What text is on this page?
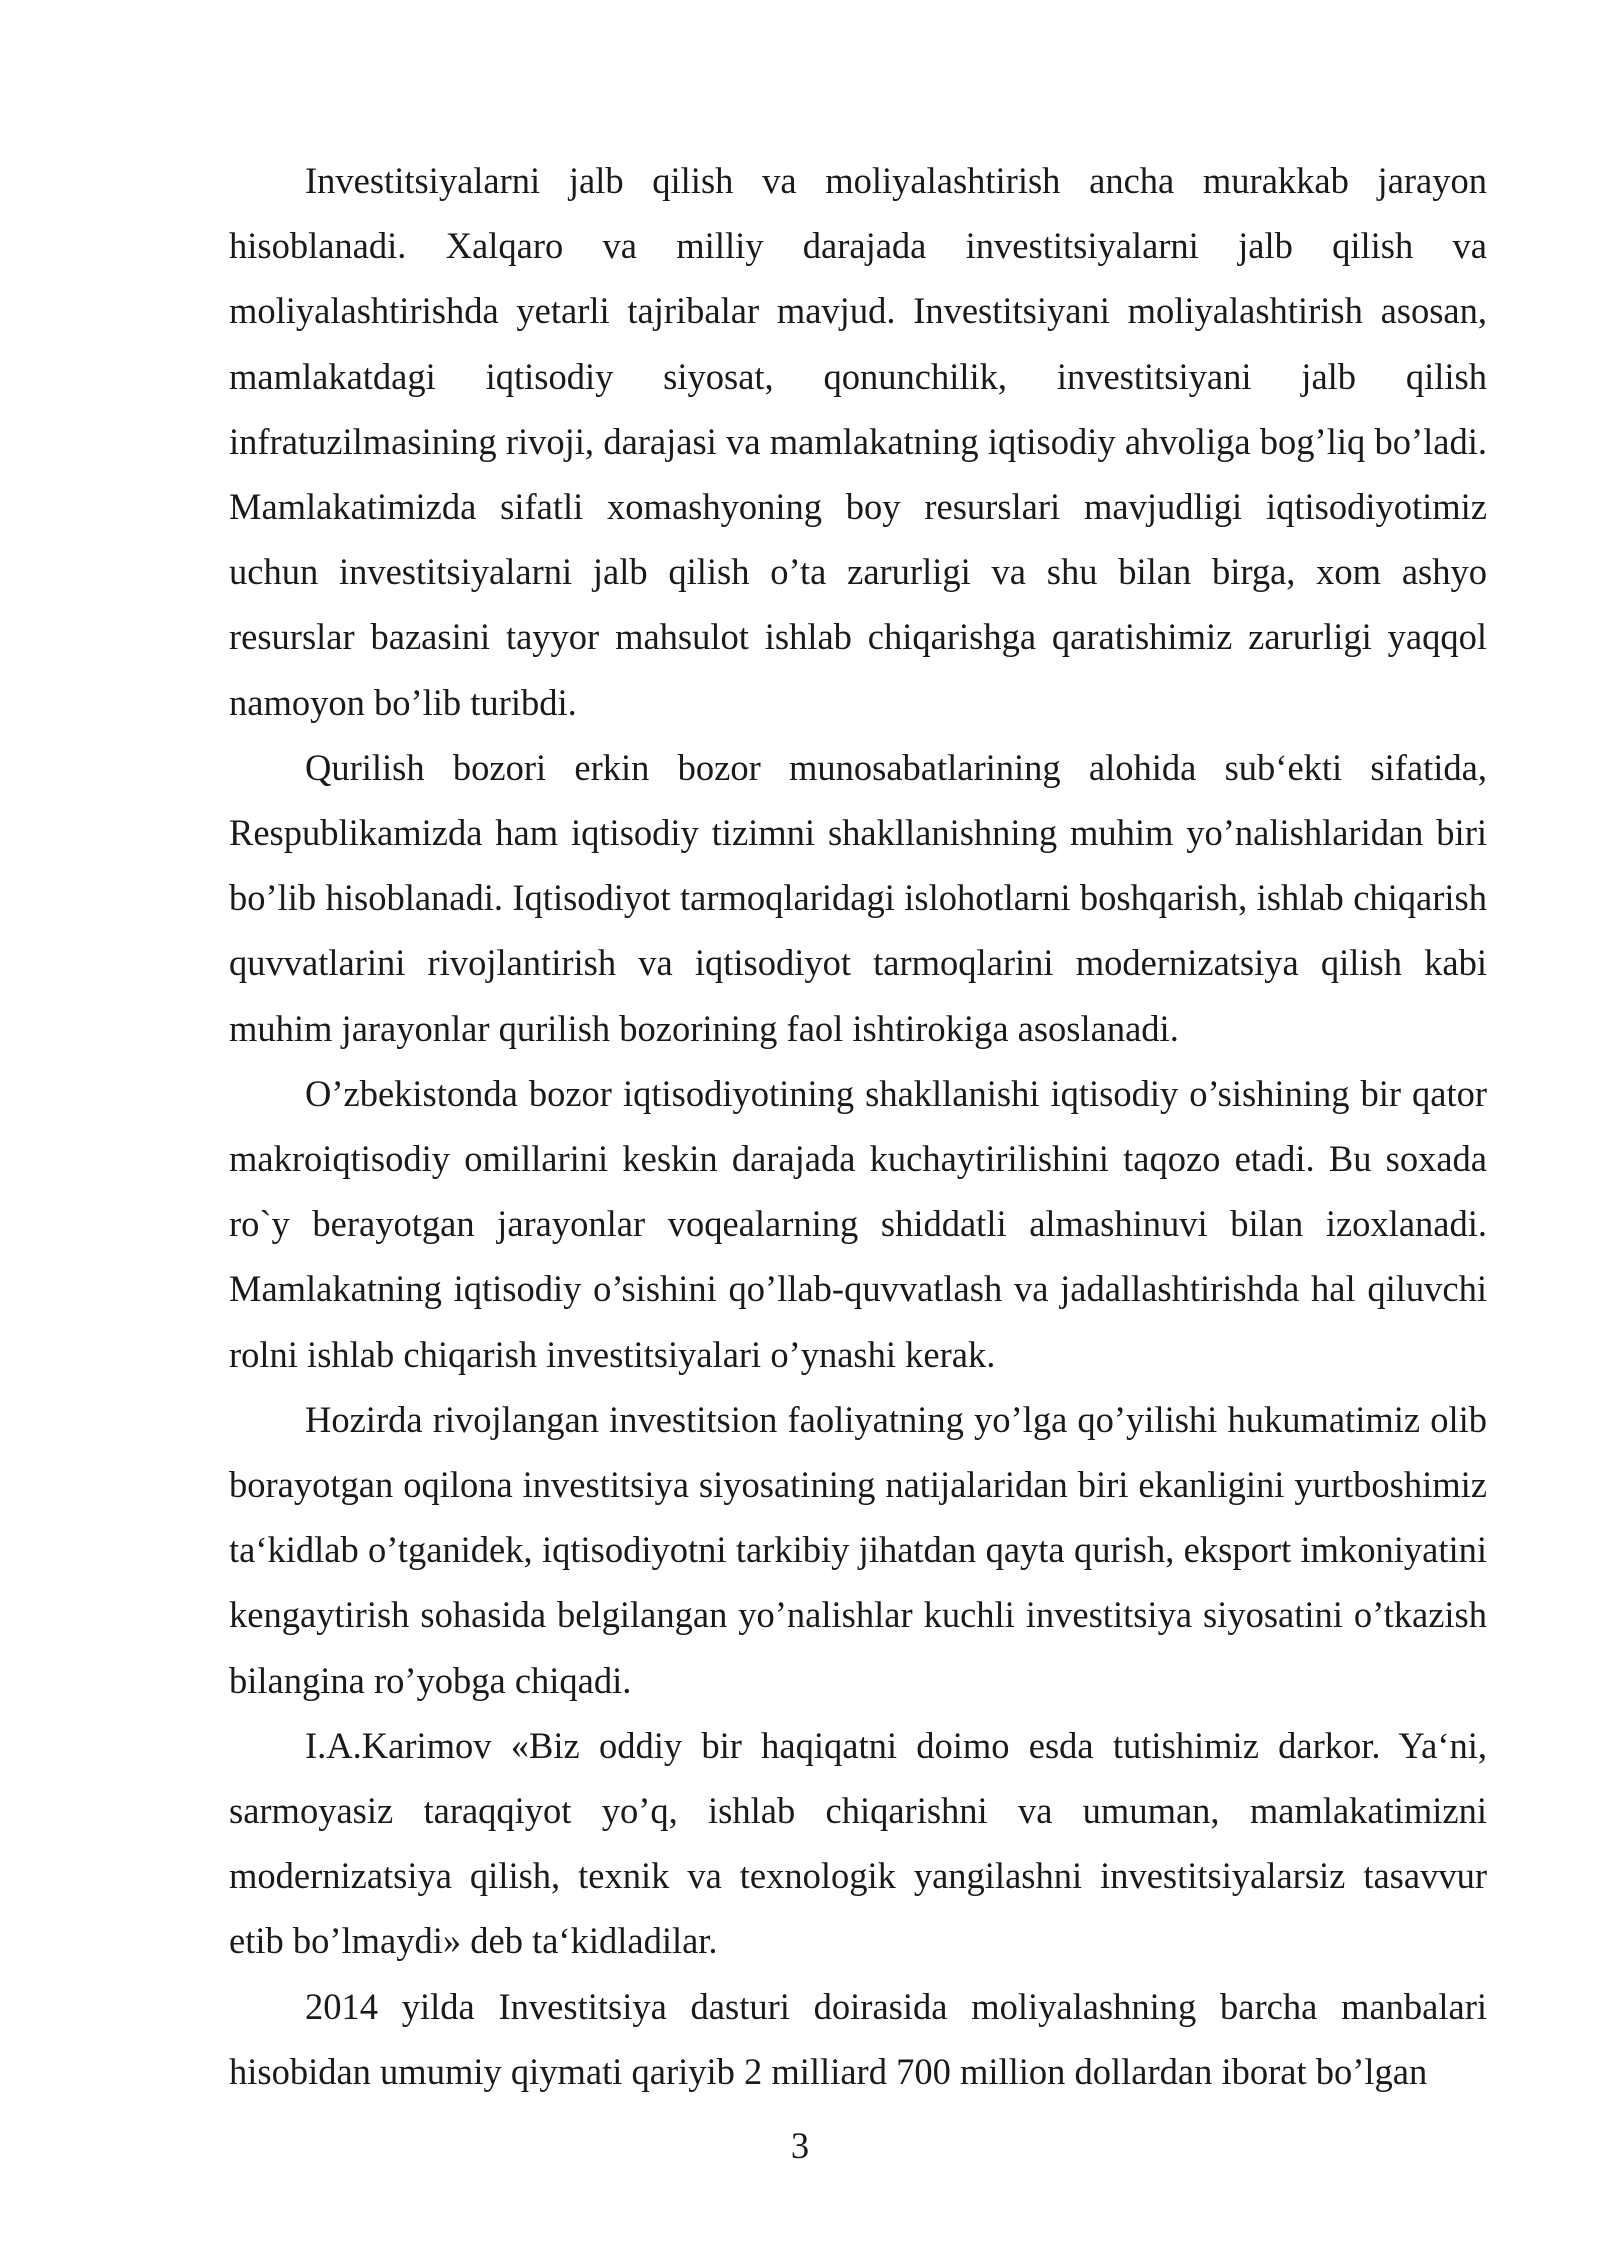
Investitsiyalarni jalb qilish va moliyalashtirish ancha murakkab jarayon hisoblanadi. Xalqaro va milliy darajada investitsiyalarni jalb qilish va moliyalashtirishda yetarli tajribalar mavjud. Investitsiyani moliyalashtirish asosan, mamlakatdagi iqtisodiy siyosat, qonunchilik, investitsiyani jalb qilish infratuzilmasining rivoji, darajasi va mamlakatning iqtisodiy ahvoliga bog’liq bo’ladi. Mamlakatimizda sifatli xomashyoning boy resurslari mavjudligi iqtisodiyotimiz uchun investitsiyalarni jalb qilish o’ta zarurligi va shu bilan birga, xom ashyo resurslar bazasini tayyor mahsulot ishlab chiqarishga qaratishimiz zarurligi yaqqol namoyon bo’lib turibdi.

Qurilish bozori erkin bozor munosabatlarining alohida sub‘ekti sifatida, Respublikamizda ham iqtisodiy tizimni shakllanishning muhim yo’nalishlaridan biri bo’lib hisoblanadi. Iqtisodiyot tarmoqlaridagi islohotlarni boshqarish, ishlab chiqarish quvvatlarini rivojlantirish va iqtisodiyot tarmoqlarini modernizatsiya qilish kabi muhim jarayonlar qurilish bozorining faol ishtirokiga asoslanadi.

O’zbekistonda bozor iqtisodiyotining shakllanishi iqtisodiy o’sishining bir qator makroiqtisodiy omillarini keskin darajada kuchaytirilishini taqozo etadi. Bu soxada ro`y berayotgan jarayonlar voqealarning shiddatli almashinuvi bilan izoxlanadi. Mamlakatning iqtisodiy o’sishini qo’llab-quvvatlash va jadallashtirishda hal qiluvchi rolni ishlab chiqarish investitsiyalari o’ynashi kerak.

Hozirda rivojlangan investitsion faoliyatning yo’lga qo’yilishi hukumatimiz olib borayotgan oqilona investitsiya siyosatining natijalaridan biri ekanligini yurtboshimiz ta‘kidlab o’tganidek, iqtisodiyotni tarkibiy jihatdan qayta qurish, eksport imkoniyatini kengaytirish sohasida belgilangan yo’nalishlar kuchli investitsiya siyosatini o’tkazish bilangina ro’yobga chiqadi.

I.A.Karimov «Biz oddiy bir haqiqatni doimo esda tutishimiz darkor. Ya‘ni, sarmoyasiz taraqqiyot yo’q, ishlab chiqarishni va umuman, mamlakatimizni modernizatsiya qilish, texnik va texnologik yangilashni investitsiyalarsiz tasavvur etib bo’lmaydi» deb ta‘kidladilar.

2014 yilda Investitsiya dasturi doirasida moliyalashning barcha manbalari hisobidan umumiy qiymati qariyib 2 milliard 700 million dollardan iborat bo’lgan

3
